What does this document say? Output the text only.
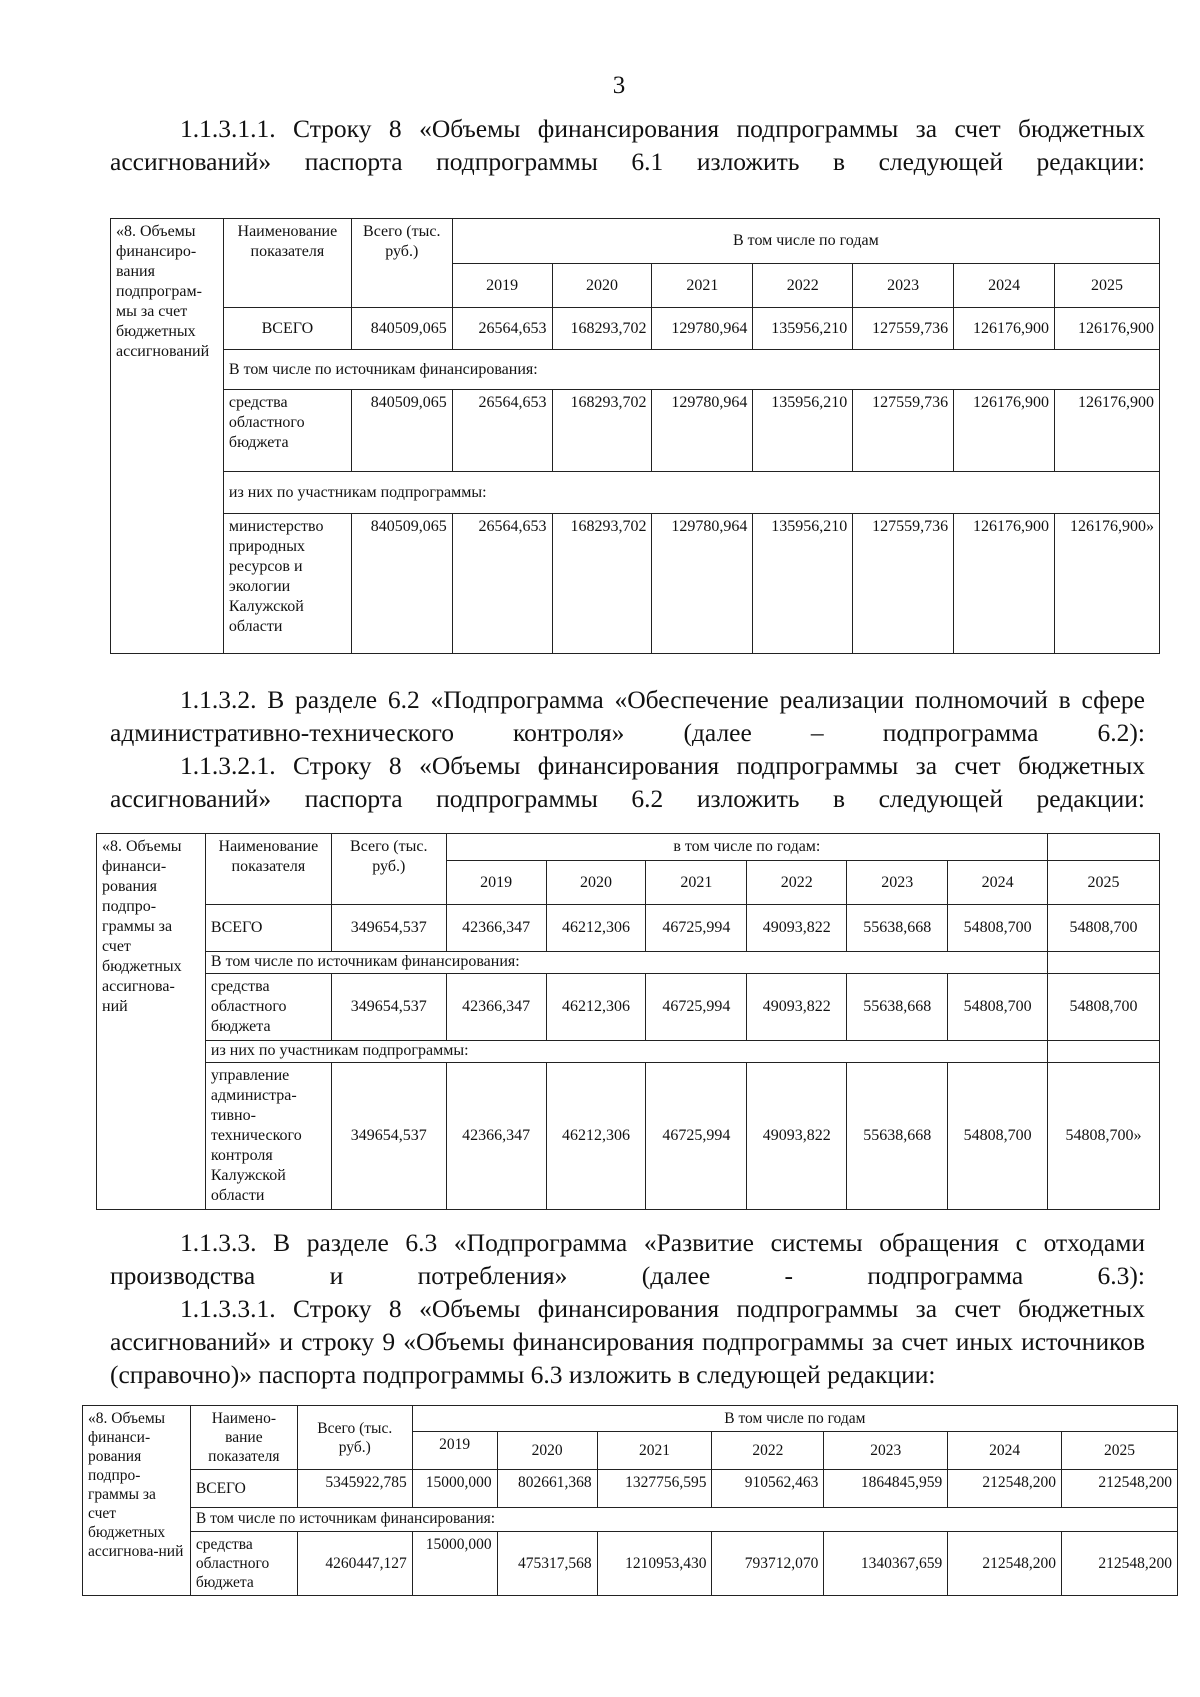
3

1.1.3.1.1. Строку 8 «Объемы финансирования подпрограммы за счет бюджетных ассигнований» паспорта подпрограммы 6.1 изложить в следующей редакции:

«8. Объемы финансиро-вания подпрограм-мы за счет бюджетных ассигнований	Наименование показателя	Всего (тыс. руб.)	В том числе по годам						
			2019	2020	2021	2022	2023	2024	2025
	ВСЕГО	840509,065	26564,653	168293,702	129780,964	135956,210	127559,736	126176,900	126176,900
	В том числе по источникам финансирования:								
	средства областного бюджета	840509,065	26564,653	168293,702	129780,964	135956,210	127559,736	126176,900	126176,900
	из них по участникам подпрограммы:								
	министерство природных ресурсов и экологии Калужской области	840509,065	26564,653	168293,702	129780,964	135956,210	127559,736	126176,900	126176,900»

1.1.3.2. В разделе 6.2 «Подпрограмма «Обеспечение реализации полномочий в сфере административно-технического контроля» (далее – подпрограмма 6.2):

1.1.3.2.1. Строку 8 «Объемы финансирования подпрограммы за счет бюджетных ассигнований» паспорта подпрограммы 6.2 изложить в следующей редакции:

«8. Объемы финанси-рования подпро-граммы за счет бюджетных ассигнова-ний	Наименование показателя	Всего (тыс. руб.)	в том числе по годам:						
			2019	2020	2021	2022	2023	2024	2025
	ВСЕГО	349654,537	42366,347	46212,306	46725,994	49093,822	55638,668	54808,700	54808,700
	В том числе по источникам финансирования:								
	средства областного бюджета	349654,537	42366,347	46212,306	46725,994	49093,822	55638,668	54808,700	54808,700
	из них по участникам подпрограммы:								
	управление администра-тивно-технического контроля Калужской области	349654,537	42366,347	46212,306	46725,994	49093,822	55638,668	54808,700	54808,700»

1.1.3.3. В разделе 6.3 «Подпрограмма «Развитие системы обращения с отходами производства и потребления» (далее - подпрограмма 6.3):

1.1.3.3.1. Строку 8 «Объемы финансирования подпрограммы за счет бюджетных ассигнований» и строку 9 «Объемы финансирования подпрограммы за счет иных источников (справочно)» паспорта подпрограммы 6.3 изложить в следующей редакции:

«8. Объемы финанси-рования подпро-граммы за счет бюджетных ассигнова-ний	Наимено-вание показателя	Всего (тыс. руб.)	В том числе по годам						
			2019	2020	2021	2022	2023	2024	2025
	ВСЕГО	5345922,785	15000,000	802661,368	1327756,595	910562,463	1864845,959	212548,200	212548,200
	В том числе по источникам финансирования:								
	средства областного бюджета	4260447,127	15000,000	475317,568	1210953,430	793712,070	1340367,659	212548,200	212548,200
